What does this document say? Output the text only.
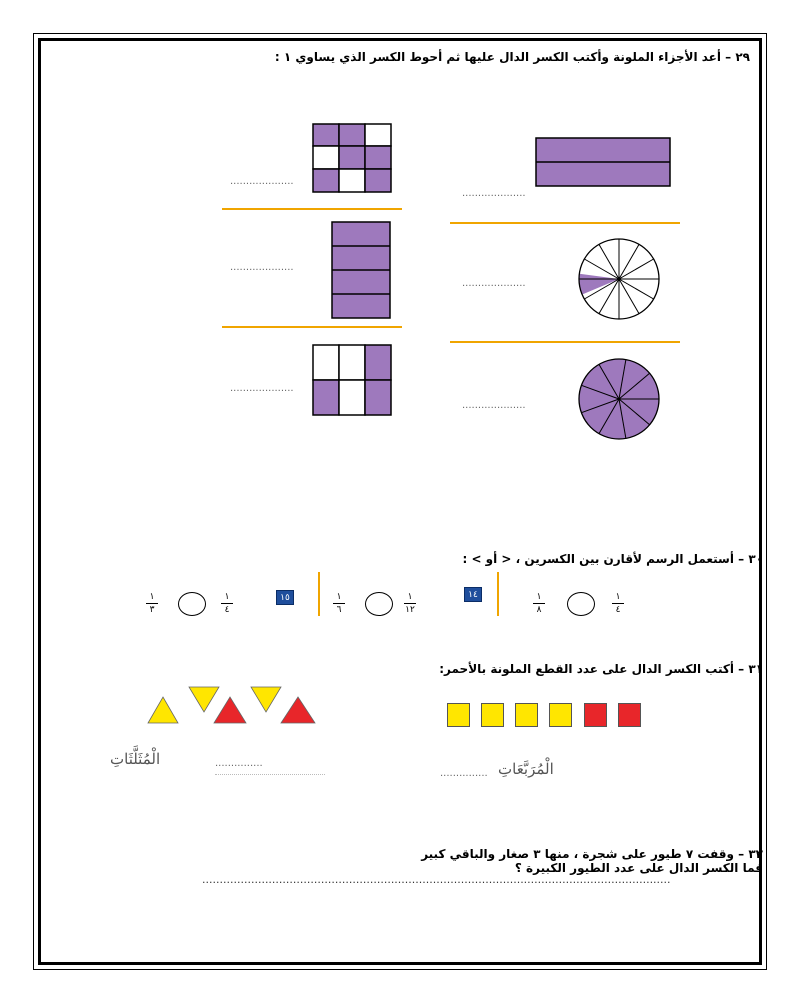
٢٩ – أعد الأجزاء الملونة وأكتب الكسر الدال عليها ثم أحوط الكسر الذي يساوي ١ :
....................
....................
....................
....................
....................
....................
٣٠ – أستعمل الرسم لأقارن بين الكسرين ، < أو > :
١
٤
١
٨
١٤
١
١٢
١
٦
١٥
١
٤
١
٣
٣١ – أكتب الكسر الدال على عدد القطع الملونة بالأحمر:
............... الْمُرَبَّعَاتِ
...............
الْمُثَلَّثَاتِ
٣٢ – وقفت ٧ طيور على شجرة ، منها ٣ صغار والباقي كبير
فما الكسر الدال على عدد الطيور الكبيرة ؟
......................................................................................................................................
